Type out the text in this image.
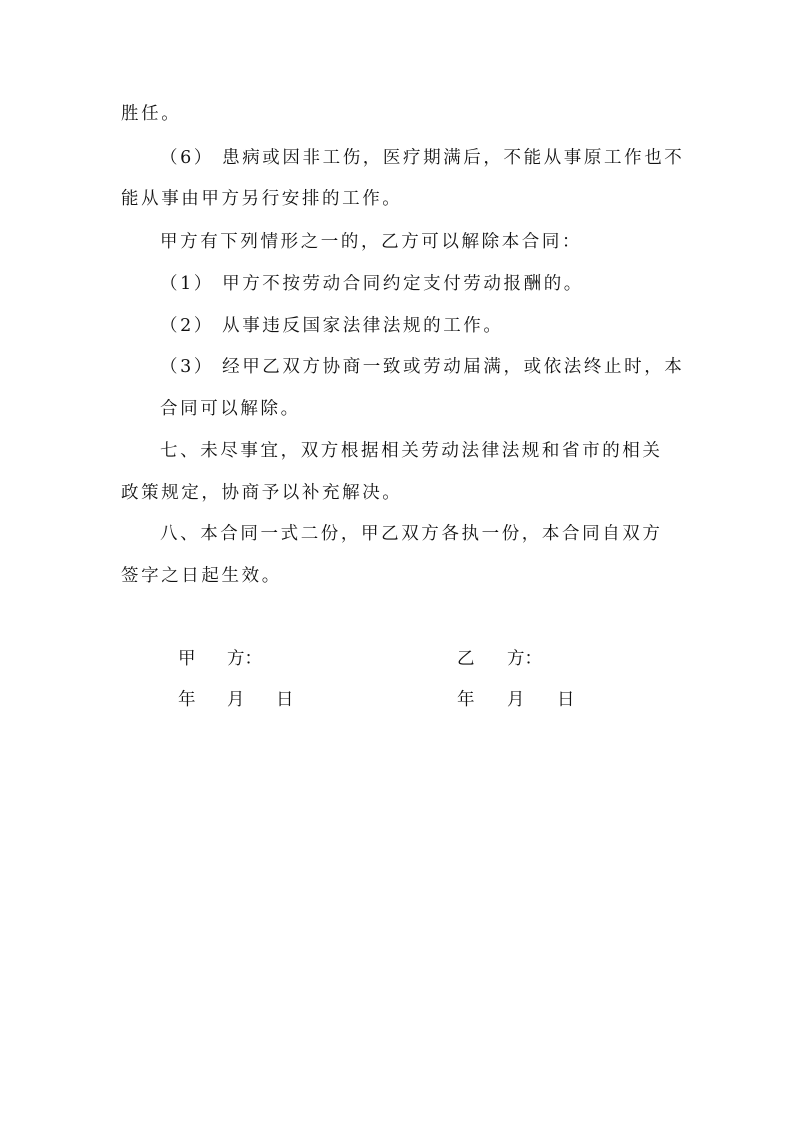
胜任。
（6） 患病或因非工伤，医疗期满后，不能从事原工作也不
能从事由甲方另行安排的工作。
甲方有下列情形之一的，乙方可以解除本合同：
（1） 甲方不按劳动合同约定支付劳动报酬的。
（2） 从事违反国家法律法规的工作。
（3） 经甲乙双方协商一致或劳动届满，或依法终止时，本
合同可以解除。
七、未尽事宜，双方根据相关劳动法律法规和省市的相关
政策规定，协商予以补充解决。
八、本合同一式二份，甲乙双方各执一份，本合同自双方
签字之日起生效。
甲 方：
年 月 日
乙 方：
年 月 日
